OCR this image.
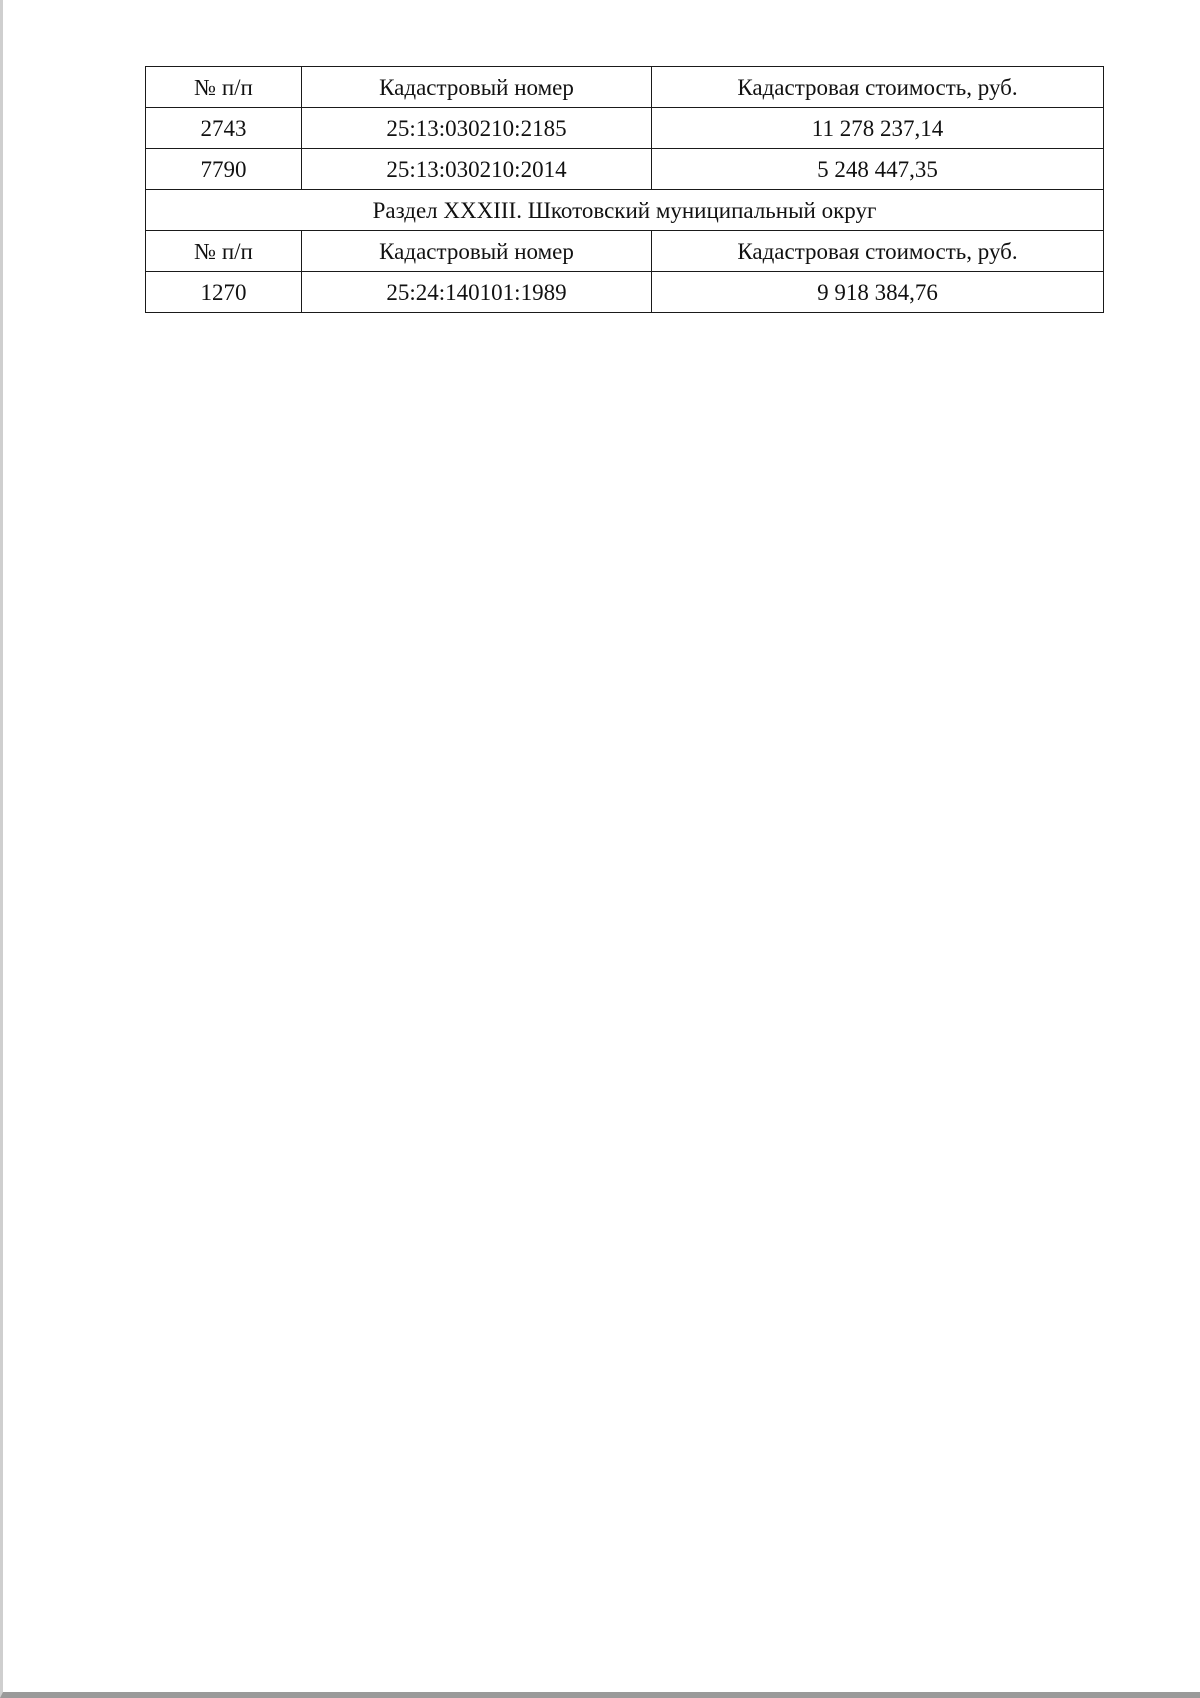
№ п/п	Кадастровый номер	Кадастровая стоимость, руб.
2743	25:13:030210:2185	11 278 237,14
7790	25:13:030210:2014	5 248 447,35
Раздел XXXIII. Шкотовский муниципальный округ		
№ п/п	Кадастровый номер	Кадастровая стоимость, руб.
1270	25:24:140101:1989	9 918 384,76
